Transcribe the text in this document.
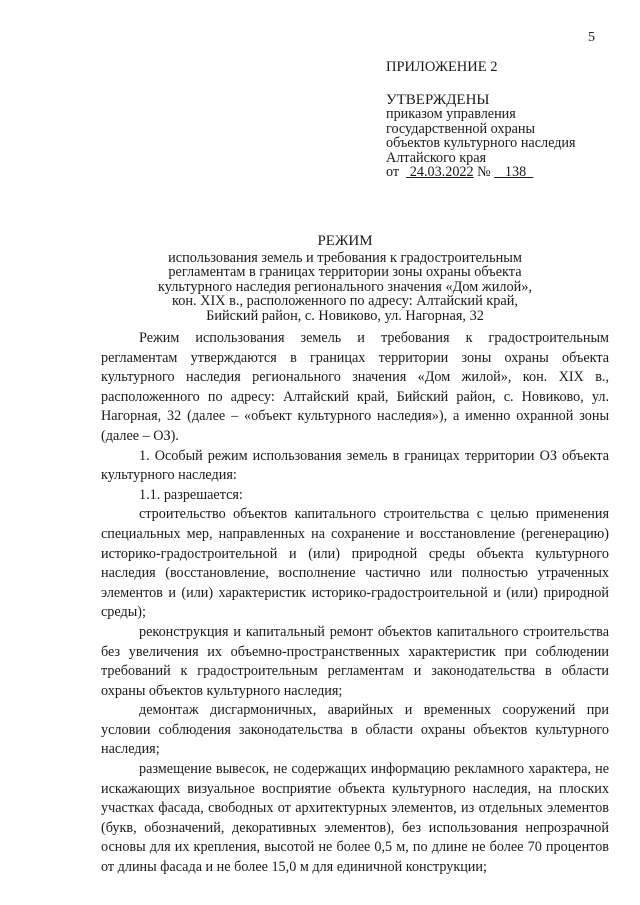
5
ПРИЛОЖЕНИЕ 2
УТВЕРЖДЕНЫ
приказом управления
государственной охраны
объектов культурного наследия
Алтайского края
от 24.03.2022 № 138
РЕЖИМ
использования земель и требования к градостроительным
регламентам в границах территории зоны охраны объекта
культурного наследия регионального значения «Дом жилой»,
кон. XIX в., расположенного по адресу: Алтайский край,
Бийский район, с. Новиково, ул. Нагорная, 32

Режим использования земель и требования к градостроительным регламентам утверждаются в границах территории зоны охраны объекта культурного наследия регионального значения «Дом жилой», кон. XIX в., расположенного по адресу: Алтайский край, Бийский район, с. Новиково, ул. Нагорная, 32 (далее – «объект культурного наследия»), а именно охранной зоны (далее – ОЗ).

1. Особый режим использования земель в границах территории ОЗ объекта культурного наследия:

1.1. разрешается:

строительство объектов капитального строительства с целью применения специальных мер, направленных на сохранение и восстановление (регенерацию) историко-градостроительной и (или) природной среды объекта культурного наследия (восстановление, восполнение частично или полностью утраченных элементов и (или) характеристик историко-градостроительной и (или) природной среды);

реконструкция и капитальный ремонт объектов капитального строительства без увеличения их объемно-пространственных характеристик при соблюдении требований к градостроительным регламентам и законодательства в области охраны объектов культурного наследия;

демонтаж дисгармоничных, аварийных и временных сооружений при условии соблюдения законодательства в области охраны объектов культурного наследия;

размещение вывесок, не содержащих информацию рекламного характера, не искажающих визуальное восприятие объекта культурного наследия, на плоских участках фасада, свободных от архитектурных элементов, из отдельных элементов (букв, обозначений, декоративных элементов), без использования непрозрачной основы для их крепления, высотой не более 0,5 м, по длине не более 70 процентов от длины фасада и не более 15,0 м для единичной конструкции;
